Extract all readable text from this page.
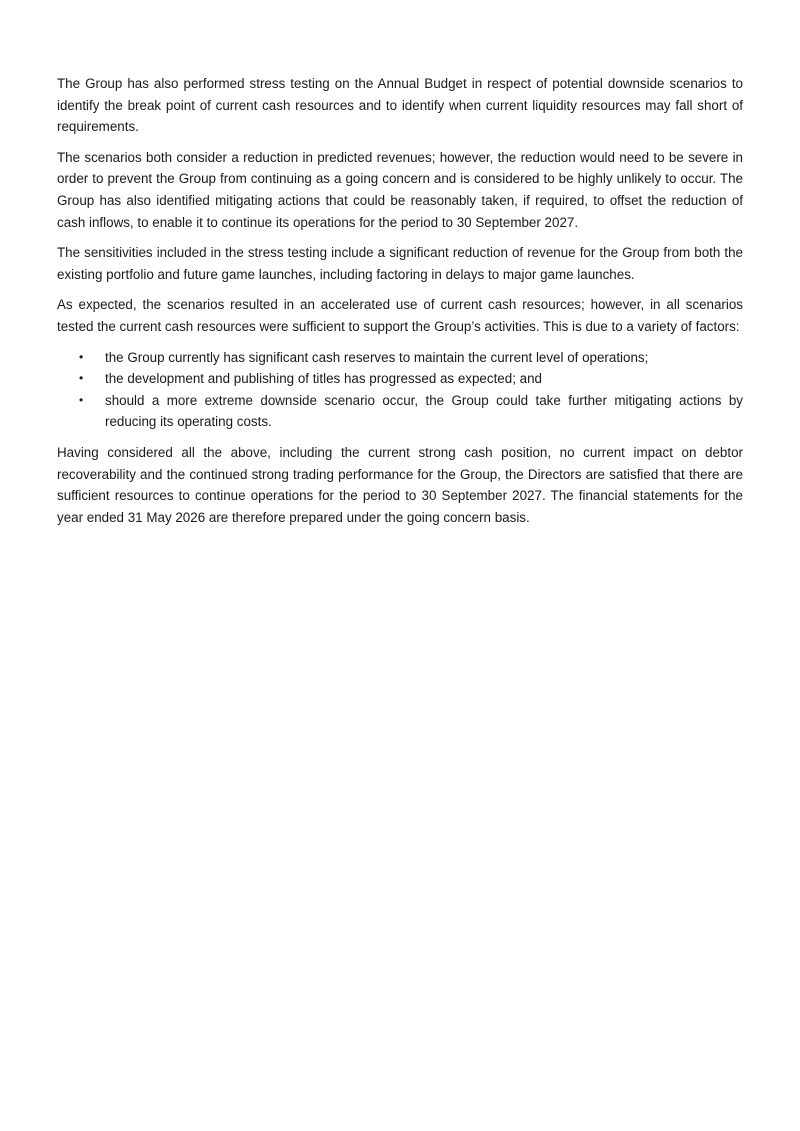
The Group has also performed stress testing on the Annual Budget in respect of potential downside scenarios to identify the break point of current cash resources and to identify when current liquidity resources may fall short of requirements.

The scenarios both consider a reduction in predicted revenues; however, the reduction would need to be severe in order to prevent the Group from continuing as a going concern and is considered to be highly unlikely to occur. The Group has also identified mitigating actions that could be reasonably taken, if required, to offset the reduction of cash inflows, to enable it to continue its operations for the period to 30 September 2027.

The sensitivities included in the stress testing include a significant reduction of revenue for the Group from both the existing portfolio and future game launches, including factoring in delays to major game launches.

As expected, the scenarios resulted in an accelerated use of current cash resources; however, in all scenarios tested the current cash resources were sufficient to support the Group’s activities. This is due to a variety of factors:

• the Group currently has significant cash reserves to maintain the current level of operations;
• the development and publishing of titles has progressed as expected; and
• should a more extreme downside scenario occur, the Group could take further mitigating actions by reducing its operating costs.

Having considered all the above, including the current strong cash position, no current impact on debtor recoverability and the continued strong trading performance for the Group, the Directors are satisfied that there are sufficient resources to continue operations for the period to 30 September 2027. The financial statements for the year ended 31 May 2026 are therefore prepared under the going concern basis.
